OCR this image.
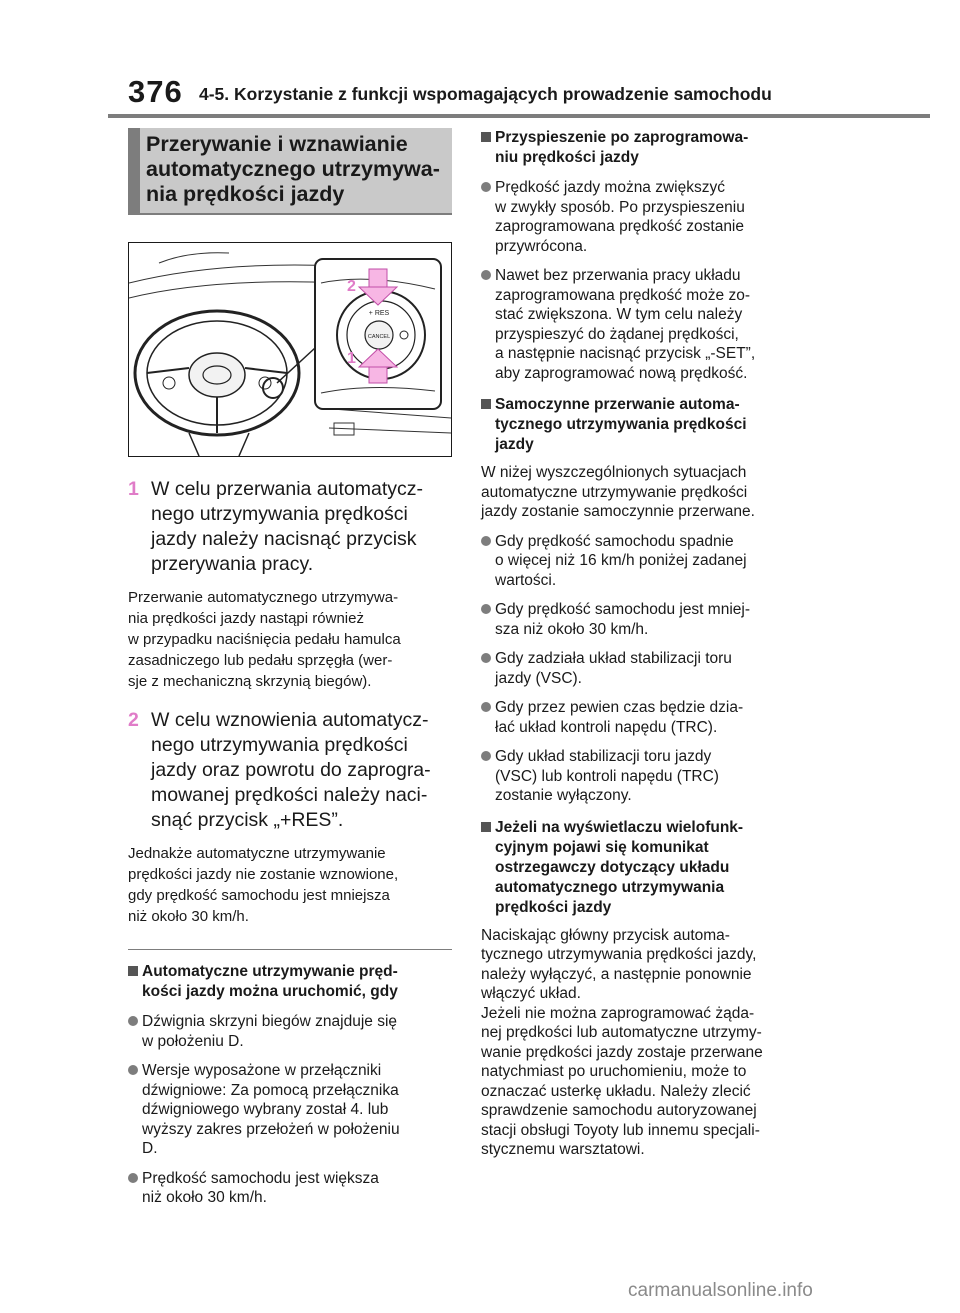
376 4-5. Korzystanie z funkcji wspomagających prowadzenie samochodu
Przerywanie i wznawianie
automatycznego utrzymywa-
nia prędkości jazdy
+ RES
CANCEL
2
1
1 W celu przerwania automatycz-
nego utrzymywania prędkości
jazdy należy nacisnąć przycisk
przerywania pracy.
Przerwanie automatycznego utrzymywa-
nia prędkości jazdy nastąpi również
w przypadku naciśnięcia pedału hamulca
zasadniczego lub pedału sprzęgła (wer-
sje z mechaniczną skrzynią biegów).
2 W celu wznowienia automatycz-
nego utrzymywania prędkości
jazdy oraz powrotu do zaprogra-
mowanej prędkości należy naci-
snąć przycisk „+RES”.
Jednakże automatyczne utrzymywanie
prędkości jazdy nie zostanie wznowione,
gdy prędkość samochodu jest mniejsza
niż około 30 km/h.
Automatyczne utrzymywanie pręd-
kości jazdy można uruchomić, gdy
Dźwignia skrzyni biegów znajduje się
w położeniu D.
Wersje wyposażone w przełączniki
dźwigniowe: Za pomocą przełącznika
dźwigniowego wybrany został 4. lub
wyższy zakres przełożeń w położeniu
D.
Prędkość samochodu jest większa
niż około 30 km/h.
Przyspieszenie po zaprogramowa-
niu prędkości jazdy
Prędkość jazdy można zwiększyć
w zwykły sposób. Po przyspieszeniu
zaprogramowana prędkość zostanie
przywrócona.
Nawet bez przerwania pracy układu
zaprogramowana prędkość może zo-
stać zwiększona. W tym celu należy
przyspieszyć do żądanej prędkości,
a następnie nacisnąć przycisk „-SET”,
aby zaprogramować nową prędkość.
Samoczynne przerwanie automa-
tycznego utrzymywania prędkości
jazdy
W niżej wyszczególnionych sytuacjach
automatyczne utrzymywanie prędkości
jazdy zostanie samoczynnie przerwane.
Gdy prędkość samochodu spadnie
o więcej niż 16 km/h poniżej zadanej
wartości.
Gdy prędkość samochodu jest mniej-
sza niż około 30 km/h.
Gdy zadziała układ stabilizacji toru
jazdy (VSC).
Gdy przez pewien czas będzie dzia-
łać układ kontroli napędu (TRC).
Gdy układ stabilizacji toru jazdy
(VSC) lub kontroli napędu (TRC)
zostanie wyłączony.
Jeżeli na wyświetlaczu wielofunk-
cyjnym pojawi się komunikat
ostrzegawczy dotyczący układu
automatycznego utrzymywania
prędkości jazdy
Naciskając główny przycisk automa-
tycznego utrzymywania prędkości jazdy,
należy wyłączyć, a następnie ponownie
włączyć układ.
Jeżeli nie można zaprogramować żąda-
nej prędkości lub automatyczne utrzymy-
wanie prędkości jazdy zostaje przerwane
natychmiast po uruchomieniu, może to
oznaczać usterkę układu. Należy zlecić
sprawdzenie samochodu autoryzowanej
stacji obsługi Toyoty lub innemu specjali-
stycznemu warsztatowi.
carmanualsonline.info
